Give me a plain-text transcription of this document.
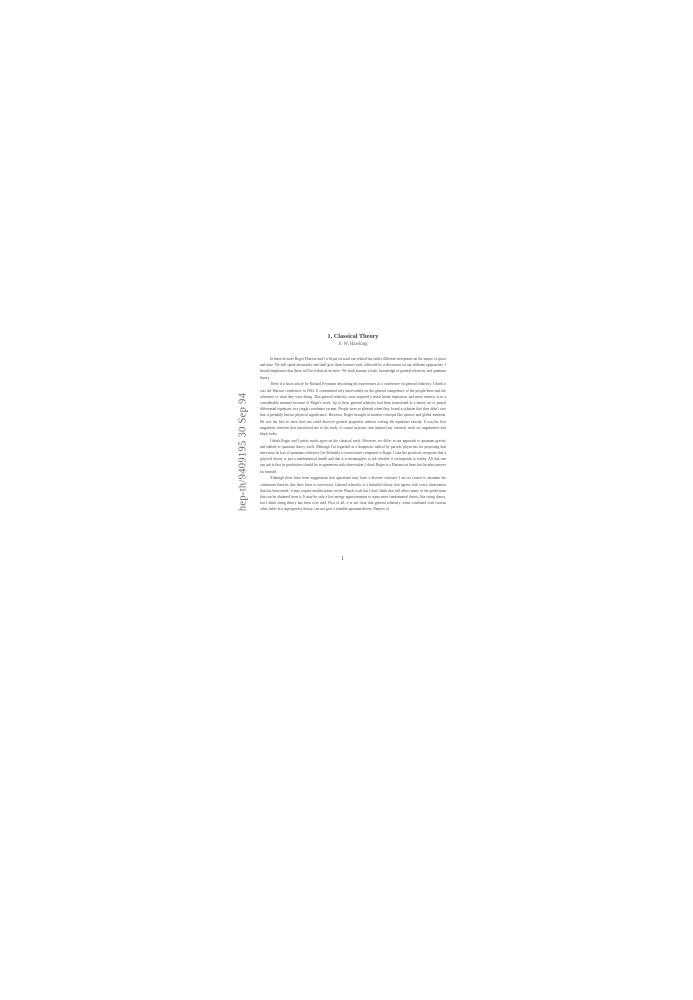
hep-th/9409195 30 Sep 94
1. Classical Theory
S. W. Hawking

In these lectures Roger Penrose and I will put forward our related but rather different viewpoints on the nature of space and time. We will speak alternately and shall give three lectures each, followed by a discussion on our different approaches. I should emphasize that these will be technical lectures. We shall assume a basic knowledge of general relativity and quantum theory.

There is a short article by Richard Feynman describing his experiences at a conference on general relativity. I think it was the Warsaw conference in 1962. It commented very unfavorably on the general competence of the people there and the relevance of what they were doing. That general relativity soon acquired a much better reputation, and more interest, is in a considerable measure because of Roger's work. Up to then, general relativity had been formulated as a messy set of partial differential equations in a single coordinate system. People were so pleased when they found a solution that they didn't care that it probably had no physical significance. However, Roger brought in modern concepts like spinors and global methods. He was the first to show that one could discover general properties without solving the equations exactly. It was his first singularity theorem that introduced me to the study of causal structure and inspired my classical work on singularities and black holes.

I think Roger and I pretty much agree on the classical work. However, we differ in our approach to quantum gravity and indeed to quantum theory itself. Although I'm regarded as a dangerous radical by particle physicists for proposing that there may be loss of quantum coherence I'm definitely a conservative compared to Roger. I take the positivist viewpoint that a physical theory is just a mathematical model and that it is meaningless to ask whether it corresponds to reality. All that one can ask is that its predictions should be in agreement with observation. I think Roger is a Platonist at heart but he must answer for himself.

Although there have been suggestions that spacetime may have a discrete structure I see no reason to abandon the continuum theories that have been so successful. General relativity is a beautiful theory that agrees with every observation that has been made. It may require modifications on the Planck scale but I don't think that will affect many of the predictions that can be obtained from it. It may be only a low energy approximation to some more fundamental theory, like string theory, but I think string theory has been over sold. First of all, it is not clear that general relativity, when combined with various other fields in a supergravity theory, can not give a sensible quantum theory. Reports of

1
